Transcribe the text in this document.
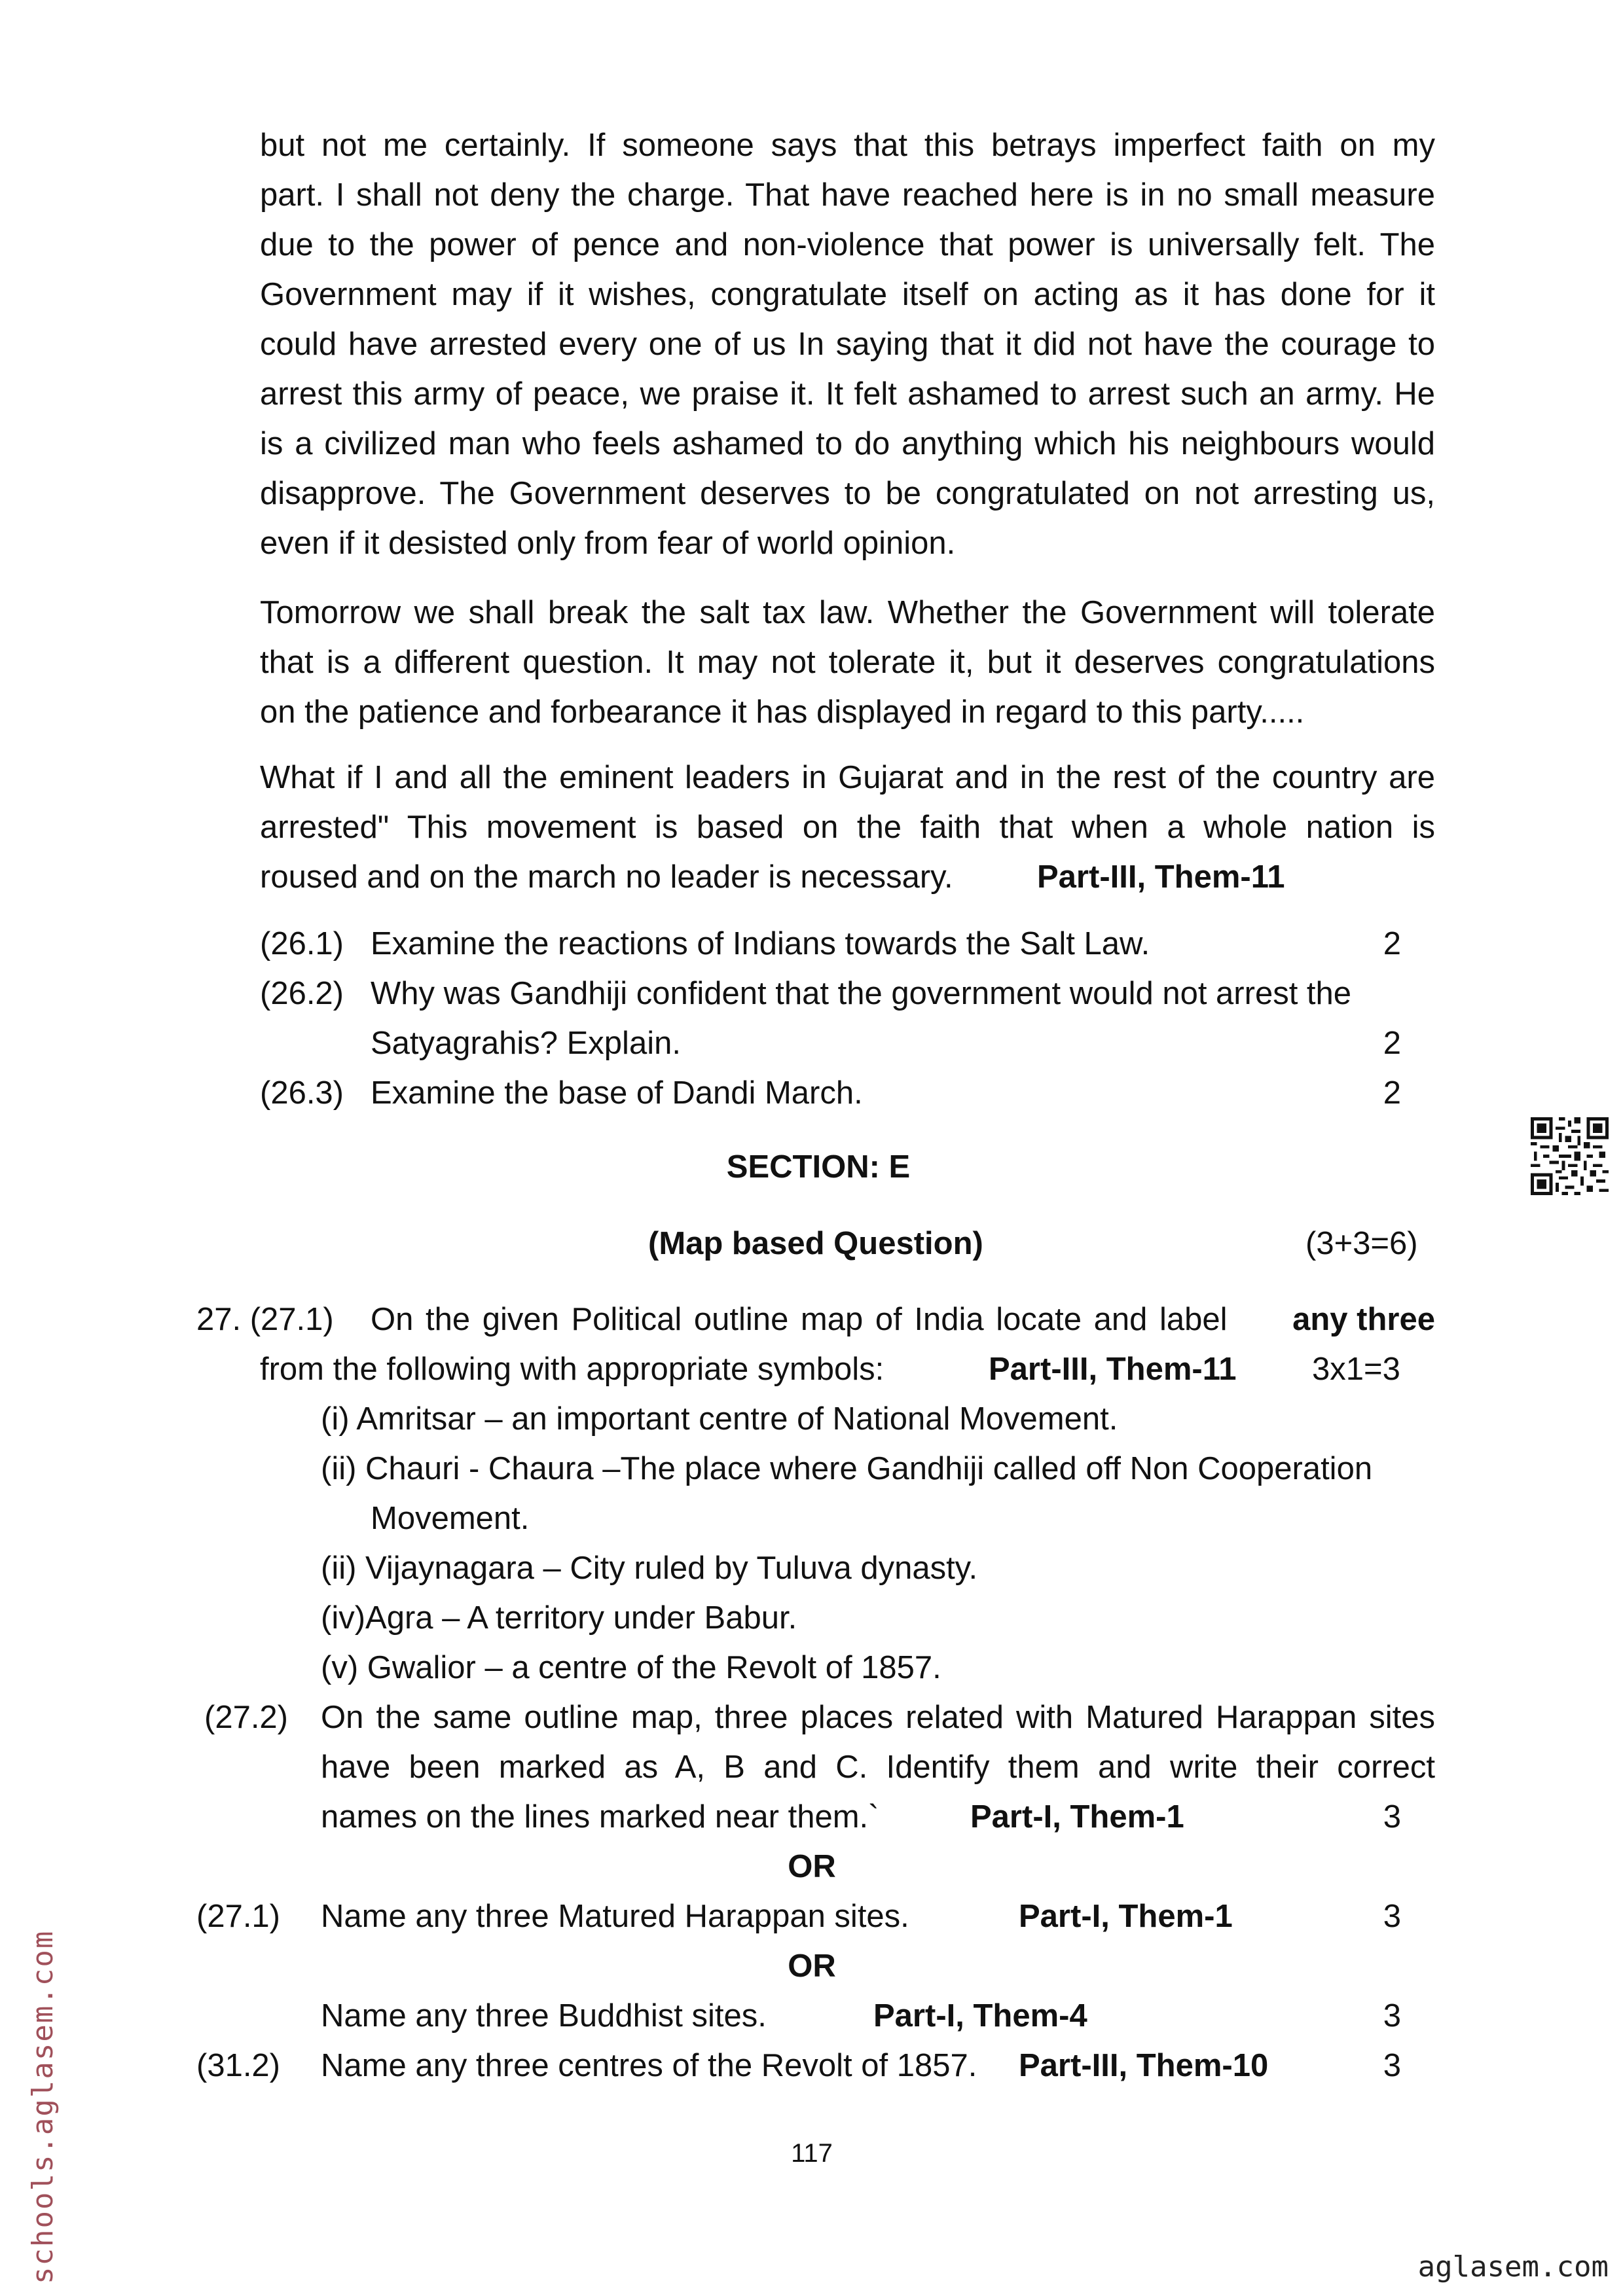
but not me certainly. If someone says that this betrays imperfect faith on my
part. I shall not deny the charge. That have reached here is in no small measure
due to the power of pence and non-violence that power is universally felt. The
Government may if it wishes, congratulate itself on acting as it has done for it
could have arrested every one of us In saying that it did not have the courage to
arrest this army of peace, we praise it. It felt ashamed to arrest such an army. He
is a civilized man who feels ashamed to do anything which his neighbours would
disapprove. The Government deserves to be congratulated on not arresting us,
even if it desisted only from fear of world opinion.
Tomorrow we shall break the salt tax law. Whether the Government will tolerate
that is a different question. It may not tolerate it, but it deserves congratulations
on the patience and forbearance it has displayed in regard to this party.....
What if I and all the eminent leaders in Gujarat and in the rest of the country are
arrested" This movement is based on the faith that when a whole nation is
roused and on the march no leader is necessary.	Part-III, Them-11
(26.1) Examine the reactions of Indians towards the Salt Law.	2
(26.2) Why was Gandhiji confident that the government would not arrest the
Satyagrahis? Explain.	2
(26.3) Examine the base of Dandi March.	2
SECTION: E
(Map based Question)	(3+3=6)
27. (27.1) On the given Political outline map of India locate and label any three
from the following with appropriate symbols:	Part-III, Them-11 3x1=3
(i) Amritsar – an important centre of National Movement.
(ii) Chauri - Chaura –The place where Gandhiji called off Non Cooperation
Movement.
(ii) Vijaynagara – City ruled by Tuluva dynasty.
(iv)Agra – A territory under Babur.
(v) Gwalior – a centre of the Revolt of 1857.
(27.2) On the same outline map, three places related with Matured Harappan sites
have been marked as A, B and C. Identify them and write their correct
names on the lines marked near them.`	Part-I, Them-1	3
OR
(27.1) Name any three Matured Harappan sites.	Part-I, Them-1	3
OR
Name any three Buddhist sites.	Part-I, Them-4	3
(31.2) Name any three centres of the Revolt of 1857. Part-III, Them-10	3
117
schools.aglasem.com	aglasem.com
